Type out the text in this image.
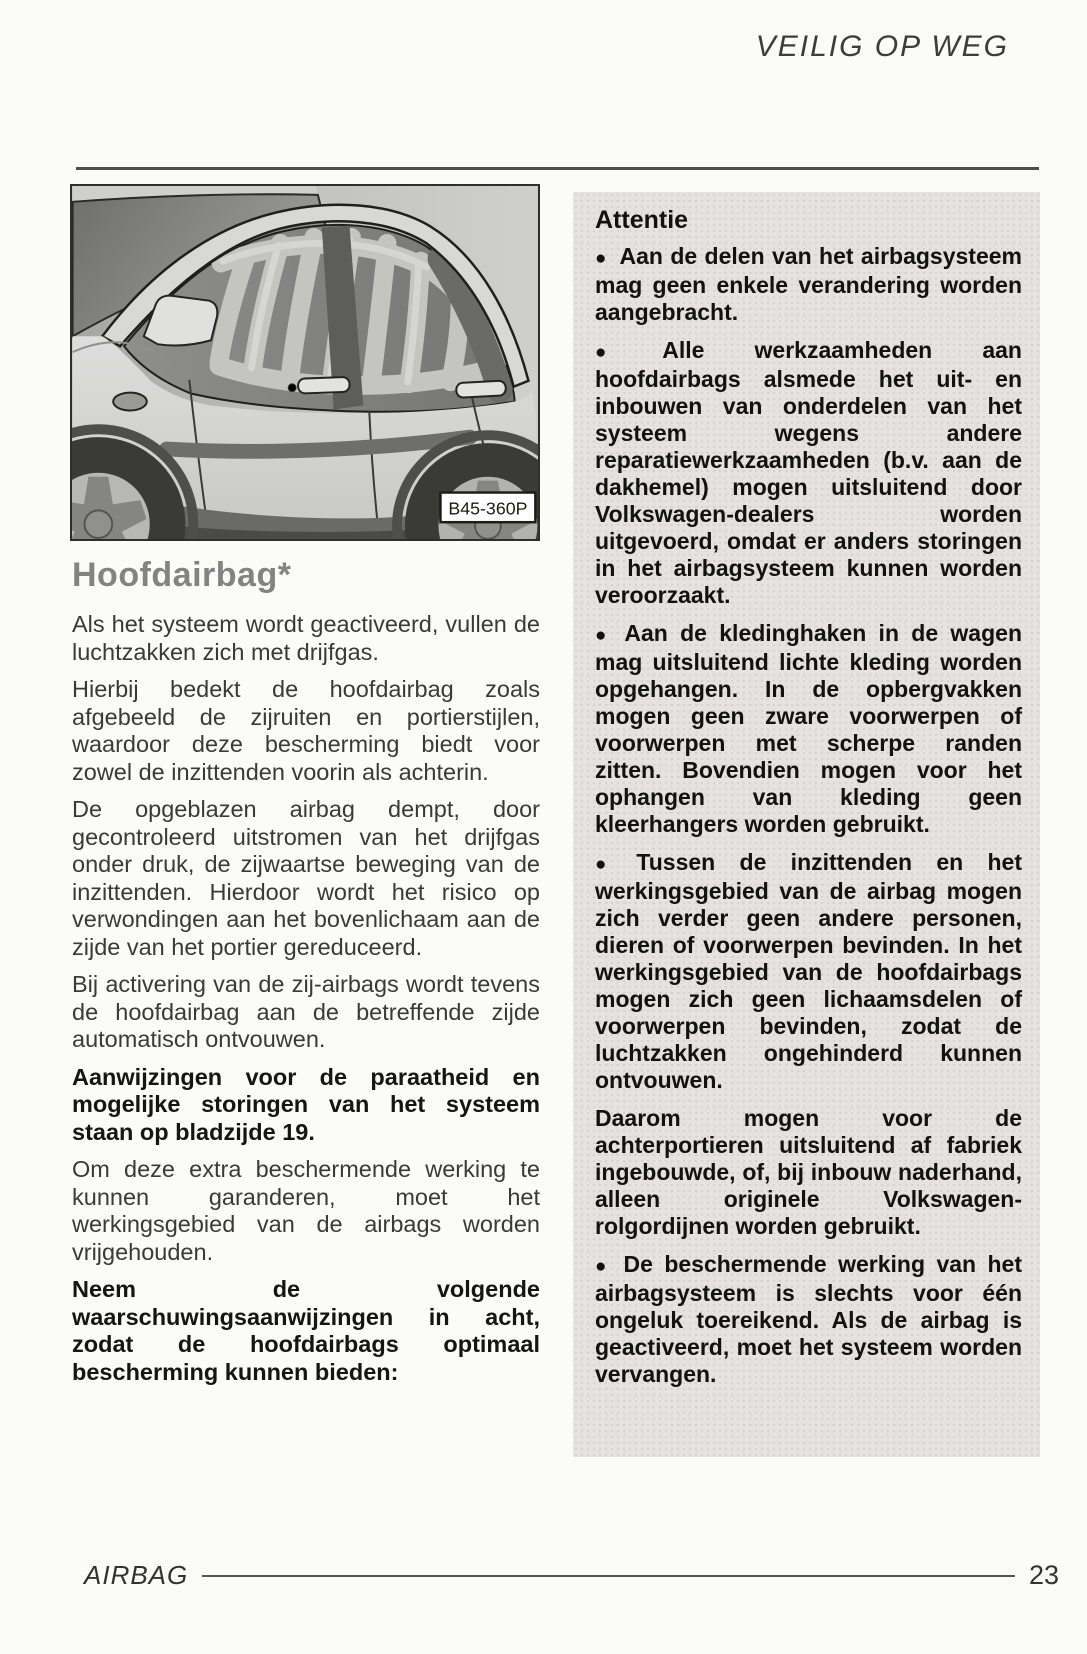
VEILIG OP WEG
B45-360P
Hoofdairbag*

Als het systeem wordt geactiveerd, vullen de luchtzakken zich met drijfgas.

Hierbij bedekt de hoofdairbag zoals afgebeeld de zijruiten en portierstijlen, waardoor deze bescherming biedt voor zowel de inzittenden voorin als achterin.

De opgeblazen airbag dempt, door gecontroleerd uitstromen van het drijfgas onder druk, de zijwaartse beweging van de inzittenden. Hierdoor wordt het risico op verwondingen aan het bovenlichaam aan de zijde van het portier gereduceerd.

Bij activering van de zij-airbags wordt tevens de hoofdairbag aan de betreffende zijde automatisch ontvouwen.

Aanwijzingen voor de paraatheid en mogelijke storingen van het systeem staan op bladzijde 19.

Om deze extra beschermende werking te kunnen garanderen, moet het werkingsgebied van de airbags worden vrijgehouden.

Neem de volgende waarschuwingsaanwijzingen in acht, zodat de hoofdairbags optimaal bescherming kunnen bieden:

Attentie

● Aan de delen van het airbagsysteem mag geen enkele verandering worden aangebracht.

● Alle werkzaamheden aan hoofdairbags alsmede het uit- en inbouwen van onderdelen van het systeem wegens andere reparatiewerkzaamheden (b.v. aan de dakhemel) mogen uitsluitend door Volkswagen-dealers worden uitgevoerd, omdat er anders storingen in het airbagsysteem kunnen worden veroorzaakt.

● Aan de kledinghaken in de wagen mag uitsluitend lichte kleding worden opgehangen. In de opbergvakken mogen geen zware voorwerpen of voorwerpen met scherpe randen zitten. Bovendien mogen voor het ophangen van kleding geen kleerhangers worden gebruikt.

● Tussen de inzittenden en het werkingsgebied van de airbag mogen zich verder geen andere personen, dieren of voorwerpen bevinden. In het werkingsgebied van de hoofdairbags mogen zich geen lichaamsdelen of voorwerpen bevinden, zodat de luchtzakken ongehinderd kunnen ontvouwen.

Daarom mogen voor de achterportieren uitsluitend af fabriek ingebouwde, of, bij inbouw naderhand, alleen originele Volkswagen-rolgordijnen worden gebruikt.

● De beschermende werking van het airbagsysteem is slechts voor één ongeluk toereikend. Als de airbag is geactiveerd, moet het systeem worden vervangen.

AIRBAG	23
